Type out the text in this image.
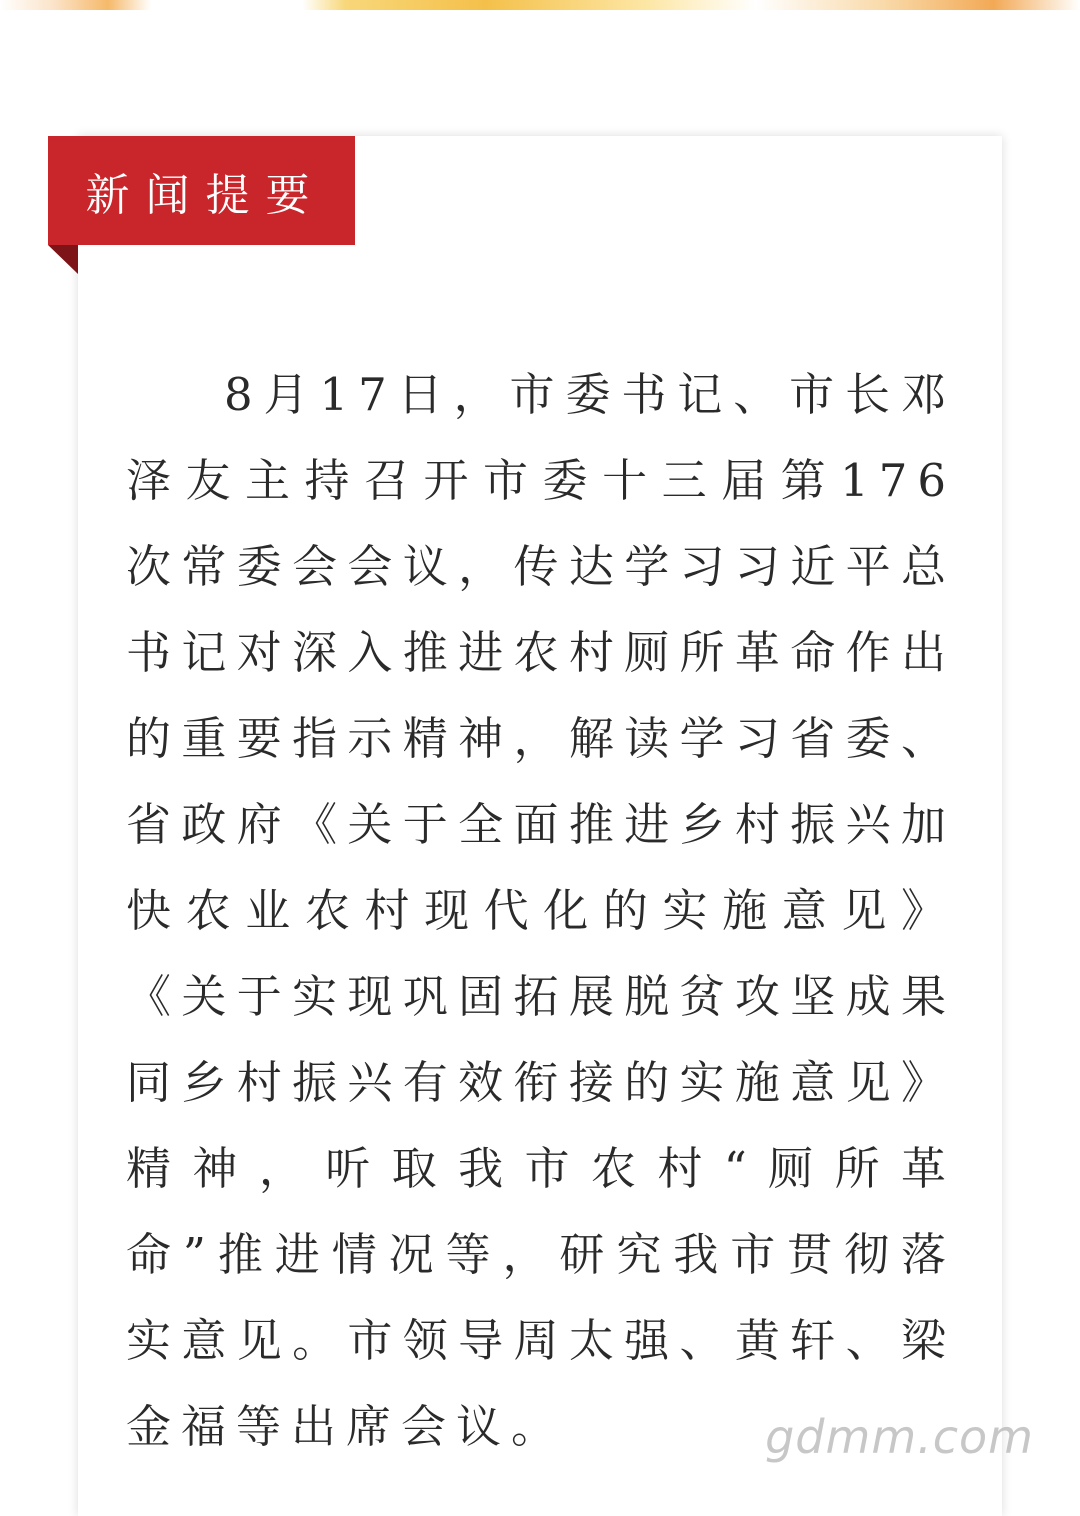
新闻提要

8月17日，市委书记、市长邓泽友主持召开市委十三届第176次常委会会议，传达学习习近平总书记对深入推进农村厕所革命作出的重要指示精神，解读学习省委、省政府《关于全面推进乡村振兴加快农业农村现代化的实施意见》《关于实现巩固拓展脱贫攻坚成果同乡村振兴有效衔接的实施意见》精神，听取我市农村“厕所革命”推进情况等，研究我市贯彻落实意见。市领导周太强、黄轩、梁金福等出席会议。	gdmm.com
